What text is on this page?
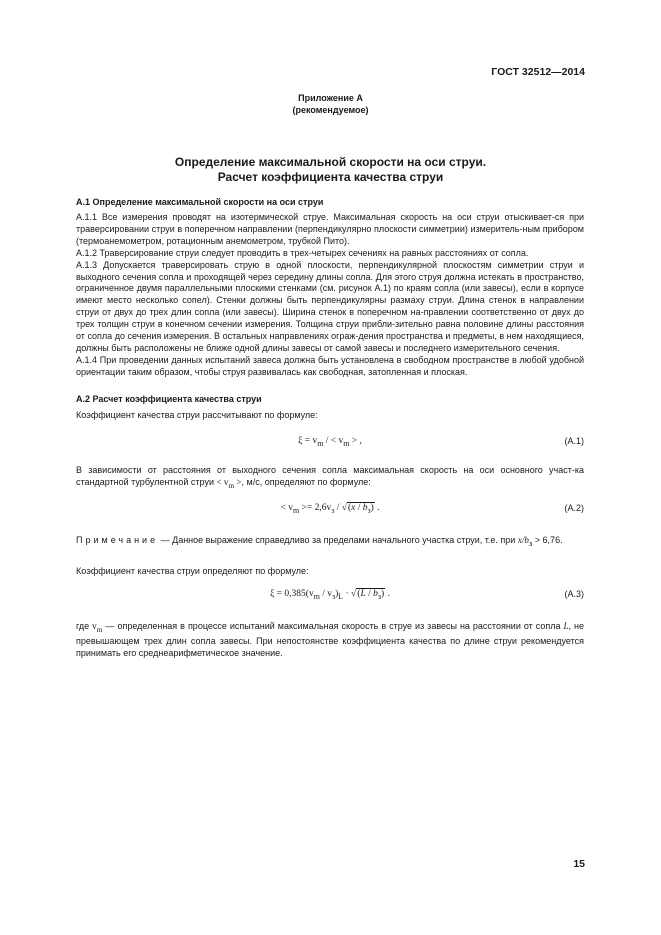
ГОСТ 32512—2014
Приложение А
(рекомендуемое)
Определение максимальной скорости на оси струи.
Расчет коэффициента качества струи
А.1 Определение максимальной скорости на оси струи

А.1.1 Все измерения проводят на изотермической струе. Максимальная скорость на оси струи отыскивает-ся при траверсировании струи в поперечном направлении (перпендикулярно плоскости симметрии) измеритель-ным прибором (термоанемометром, ротационным анемометром, трубкой Пито).

А.1.2 Траверсирование струи следует проводить в трех-четырех сечениях на равных расстояниях от сопла.

А.1.3 Допускается траверсировать струю в одной плоскости, перпендикулярной плоскостям симметрии струи и выходного сечения сопла и проходящей через середину длины сопла. Для этого струя должна истекать в пространство, ограниченное двумя параллельными плоскими стенками (см. рисунок А.1) по краям сопла (или завесы), если в корпусе имеют место несколько сопел). Стенки должны быть перпендикулярны размаху струи. Длина стенок в направлении струи от двух до трех длин сопла (или завесы). Ширина стенок в поперечном на-правлении соответственно от двух до трех толщин струи в конечном сечении измерения. Толщина струи прибли-зительно равна половине длины расстояния от сопла до сечения измерения. В остальных направлениях ограж-дения пространства и предметы, в нем находящиеся, должны быть расположены не ближе одной длины завесы от самой завесы и последнего измерительного сечения.

А.1.4 При проведении данных испытаний завеса должна быть установлена в свободном пространстве в любой удобной ориентации таким образом, чтобы струя развивалась как свободная, затопленная и плоская.

А.2 Расчет коэффициента качества струи

Коэффициент качества струи рассчитывают по формуле:

$\xi = v_m$ / < $v_m$ > ,	(А.1)

В зависимости от расстояния от выходного сечения сопла максимальная скорость на оси основного участ-ка стандартной турбулентной струи < $v_m$ >, м/с, определяют по формуле:

< $v_m >= 2,6v_з / √(x / b_з)$ .	(А.2)

Примечание — Данное выражение справедливо за пределами начального участка струи, т.е. при $x/b_з > 6,76$.

Коэффициент качества струи определяют по формуле:

$\xi = 0,385(v_m / v_з)_L \cdot √(L / b_з)$ .	(А.3)

где $v_m$ — определенная в процессе испытаний максимальная скорость в струе из завесы на расстоянии от сопла L, не превышающем трех длин сопла завесы. При непостоянстве коэффициента качества по длине струи рекомендуется принимать его среднеарифметическое значение.

15
